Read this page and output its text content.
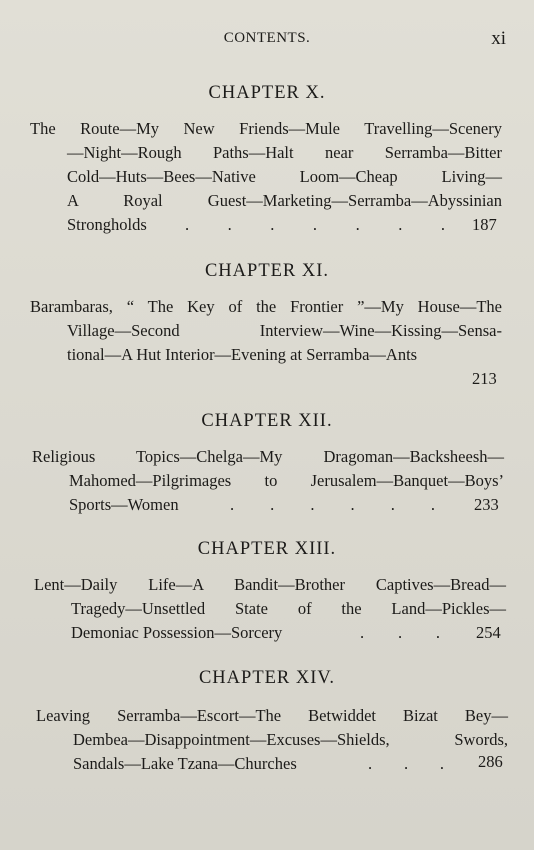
CONTENTS.	xi
CHAPTER X.
The Route—My New Friends—Mule Travelling—Scenery
—Night—Rough Paths—Halt near Serramba—Bitter
Cold—Huts—Bees—Native Loom—Cheap Living—
A Royal Guest—Marketing—Serramba—Abyssinian
Strongholds . . . . . . . 187
CHAPTER XI.
Barambaras, “ The Key of the Frontier ”—My House—The
Village—Second Interview—Wine—Kissing—Sensa-
tional—A Hut Interior—Evening at Serramba—Ants
213
CHAPTER XII.
Religious Topics—Chelga—My Dragoman—Backsheesh—
Mahomed—Pilgrimages to Jerusalem—Banquet—Boys’
Sports—Women	. . . . . . 233
CHAPTER XIII.
Lent—Daily Life—A Bandit—Brother Captives—Bread—
Tragedy—Unsettled State of the Land—Pickles—
Demoniac Possession—Sorcery	. . . 254
CHAPTER XIV.
Leaving Serramba—Escort—The Betwiddet Bizat Bey—
Dembea—Disappointment—Excuses—Shields, Swords,
Sandals—Lake Tzana—Churches	. . . 286
